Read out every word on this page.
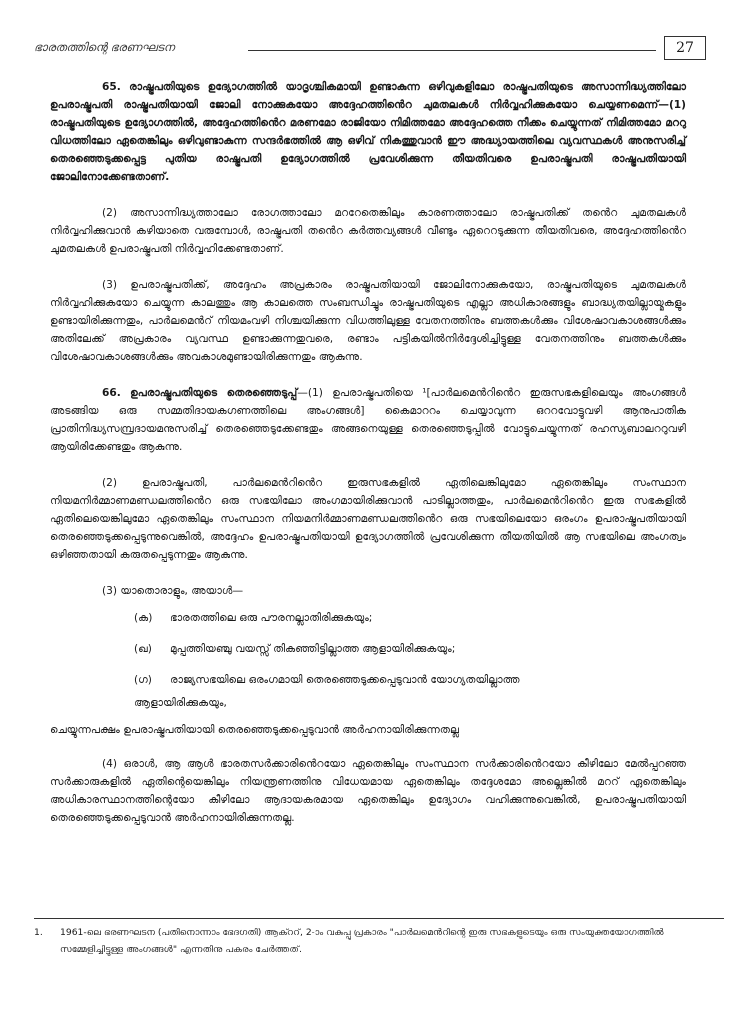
ഭാരതത്തിന്റെ ഭരണഘടന	27

65. രാഷ്ട്രപതിയുടെ ഉദ്യോഗത്തിൽ യാദൃശ്ചികമായി ഉണ്ടാകുന്ന ഒഴിവുകളിലോ രാഷ്ട്രപതിയുടെ അസാന്നിദ്ധ്യത്തിലോ ഉപരാഷ്ട്രപതി രാഷ്ട്രപതിയായി ജോലി നോക്കുകയോ അദ്ദേഹത്തിൻെറ ചുമതലകൾ നിർവ്വഹിക്കുകയോ ചെയ്യണമെന്ന്—(1) രാഷ്ട്രപതിയുടെ ഉദ്യോഗത്തിൽ, അദ്ദേഹത്തിൻെറ മരണമോ രാജിയോ നിമിത്തമോ അദ്ദേഹത്തെ നീക്കം ചെയ്യുന്നത് നിമിത്തമോ മററു വിധത്തിലോ ഏതെങ്കിലും ഒഴിവുണ്ടാകുന്ന സന്ദർഭത്തിൽ ആ ഒഴിവ് നികത്തുവാൻ ഈ അദ്ധ്യായത്തിലെ വ്യവസ്ഥകൾ അനുസരിച്ച് തെരഞ്ഞെടുക്കപ്പെട്ട പുതിയ രാഷ്ട്രപതി ഉദ്യോഗത്തിൽ പ്രവേശിക്കുന്ന തീയതിവരെ ഉപരാഷ്ട്രപതി രാഷ്ട്രപതിയായി ജോലിനോക്കേണ്ടതാണ്.

(2) അസാന്നിദ്ധ്യത്താലോ രോഗത്താലോ മററേതെങ്കിലും കാരണത്താലോ രാഷ്ട്രപതിക്ക് തൻെറ ചുമതലകൾ നിർവ്വഹിക്കുവാൻ കഴിയാതെ വരുമ്പോൾ, രാഷ്ട്രപതി തൻെറ കർത്തവ്യങ്ങൾ വീണ്ടും ഏറെറടുക്കുന്ന തീയതിവരെ, അദ്ദേഹത്തിൻെറ ചുമതലകൾ ഉപരാഷ്ട്രപതി നിർവ്വഹിക്കേണ്ടതാണ്.

(3) ഉപരാഷ്ട്രപതിക്ക്, അദ്ദേഹം അപ്രകാരം രാഷ്ട്രപതിയായി ജോലിനോക്കുകയോ, രാഷ്ട്രപതിയുടെ ചുമതലകൾ നിർവ്വഹിക്കുകയോ ചെയ്യുന്ന കാലത്തും ആ കാലത്തെ സംബന്ധിച്ചും രാഷ്ട്രപതിയുടെ എല്ലാ അധികാരങ്ങളും ബാദ്ധ്യതയില്ലായ്മകളും ഉണ്ടായിരിക്കുന്നതും, പാർലമെൻറ് നിയമംവഴി നിശ്ചയിക്കുന്ന വിധത്തിലുള്ള വേതനത്തിനും ബത്തകൾക്കും വിശേഷാവകാശങ്ങൾക്കും അതിലേക്ക് അപ്രകാരം വ്യവസ്ഥ ഉണ്ടാക്കുന്നതുവരെ, രണ്ടാം പട്ടികയിൽനിർദ്ദേശിച്ചിട്ടുള്ള വേതനത്തിനും ബത്തകൾക്കും വിശേഷാവകാശങ്ങൾക്കും അവകാശമുണ്ടായിരിക്കുന്നതും ആകുന്നു.

66. ഉപരാഷ്ട്രപതിയുടെ തെരഞ്ഞെടുപ്പ്—(1) ഉപരാഷ്ട്രപതിയെ ¹[പാർലമെൻറിൻെറ ഇരുസഭകളിലെയും അംഗങ്ങൾ അടങ്ങിയ ഒരു സമ്മതിദായകഗണത്തിലെ അംഗങ്ങൾ] കൈമാററം ചെയ്യാവുന്ന ഒററവോട്ടുവഴി ആനുപാതിക പ്രാതിനിദ്ധ്യസമ്പ്രദായമനുസരിച്ച് തെരഞ്ഞെടുക്കേണ്ടതും അങ്ങനെയുള്ള തെരഞ്ഞെടുപ്പിൽ വോട്ടുചെയ്യുന്നത് രഹസ്യബാലററുവഴി ആയിരിക്കേണ്ടതും ആകുന്നു.

(2) ഉപരാഷ്ട്രപതി, പാർലമെൻറിൻെറ ഇരുസഭകളിൽ ഏതിലെങ്കിലുമോ ഏതെങ്കിലും സംസ്ഥാന നിയമനിർമ്മാണമണ്ഡലത്തിൻെറ ഒരു സഭയിലോ അംഗമായിരിക്കുവാൻ പാടില്ലാത്തതും, പാർലമെൻറിൻെറ ഇരു സഭകളിൽ ഏതിലെയെങ്കിലുമോ ഏതെങ്കിലും സംസ്ഥാന നിയമനിർമ്മാണമണ്ഡലത്തിൻെറ ഒരു സഭയിലെയോ ഒരംഗം ഉപരാഷ്ട്രപതിയായി തെരഞ്ഞെടുക്കപ്പെടുന്നുവെങ്കിൽ, അദ്ദേഹം ഉപരാഷ്ട്രപതിയായി ഉദ്യോഗത്തിൽ പ്രവേശിക്കുന്ന തീയതിയിൽ ആ സഭയിലെ അംഗത്വം ഒഴിഞ്ഞതായി കരുതപ്പെടുന്നതും ആകുന്നു.

(3) യാതൊരാളും, അയാൾ—

(ക) ഭാരതത്തിലെ ഒരു പൗരനല്ലാതിരിക്കുകയും;
(ഖ) മുപ്പത്തിയഞ്ചു വയസ്സ് തികഞ്ഞിട്ടില്ലാത്ത ആളായിരിക്കുകയും;
(ഗ) രാജ്യസഭയിലെ ഒരംഗമായി തെരഞ്ഞെടുക്കപ്പെടുവാൻ യോഗ്യതയില്ലാത്ത
ആളായിരിക്കുകയും,

ചെയ്യുന്നപക്ഷം ഉപരാഷ്ട്രപതിയായി തെരഞ്ഞെടുക്കപ്പെടുവാൻ അർഹനായിരിക്കുന്നതല്ല

(4) ഒരാൾ, ആ ആൾ ഭാരതസർക്കാരിൻെറയോ ഏതെങ്കിലും സംസ്ഥാന സർക്കാരിൻെറയോ കീഴിലോ മേൽപ്പറഞ്ഞ സർക്കാരുകളിൽ ഏതിന്റെയെങ്കിലും നിയന്ത്രണത്തിനു വിധേയമായ ഏതെങ്കിലും തദ്ദേശമോ അല്ലെങ്കിൽ മററ് ഏതെങ്കിലും അധികാരസ്ഥാനത്തിന്റെയോ കീഴിലോ ആദായകരമായ ഏതെങ്കിലും ഉദ്യോഗം വഹിക്കുന്നുവെങ്കിൽ, ഉപരാഷ്ട്രപതിയായി തെരഞ്ഞെടുക്കപ്പെടുവാൻ അർഹനായിരിക്കുന്നതല്ല.

1. 1961-ലെ ഭരണഘടന (പതിനൊന്നാം ഭേദഗതി) ആക്ററ്, 2-ാം വകുപ്പു പ്രകാരം "പാർലമെൻറിന്റെ ഇരു സഭകളുടെയും ഒരു സംയുക്തയോഗത്തിൽ സമ്മേളിച്ചിട്ടുള്ള അംഗങ്ങൾ" എന്നതിനു പകരം ചേർത്തത്.
